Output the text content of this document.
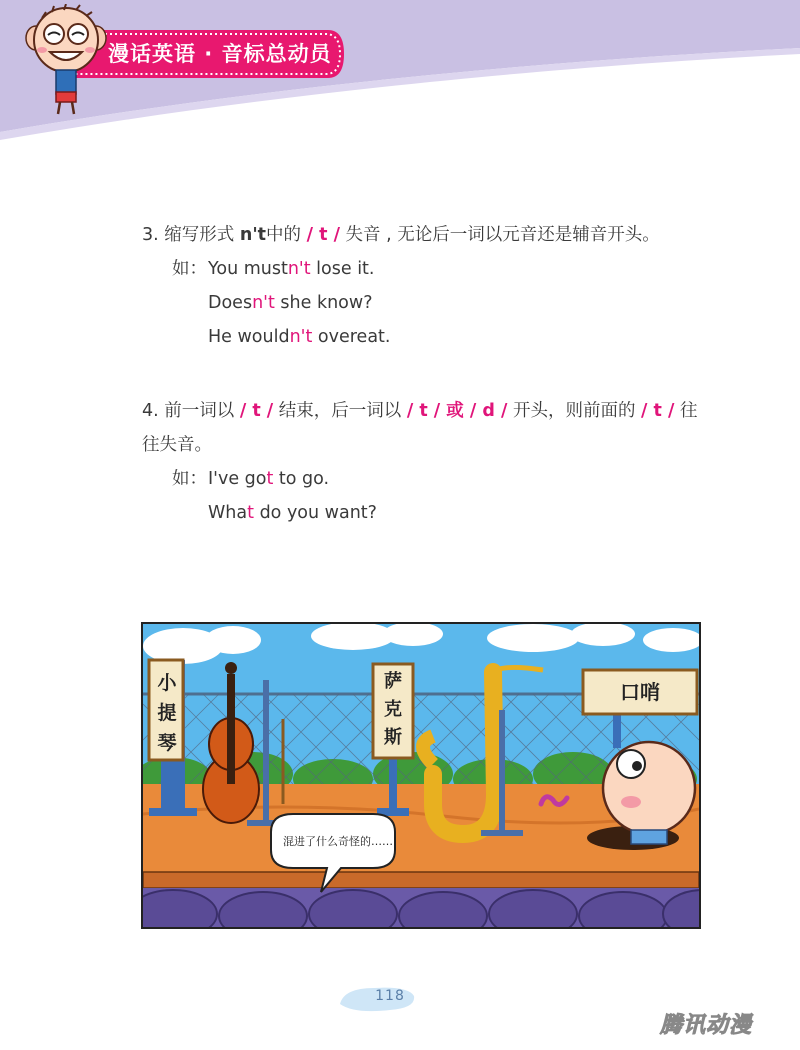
漫话英语 · 音标总动员

3. 缩写形式 n't中的 / t / 失音 , 无论后一词以元音还是辅音开头。

如：You mustn't lose it.

Doesn't she know?

He wouldn't overeat.

4. 前一词以 / t / 结束，后一词以 / t / 或 / d / 开头，则前面的 / t / 往
往失音。

如：I've got to go.

What do you want?

小提琴
萨克斯
口哨
混进了什么奇怪的……
118
腾讯动漫
